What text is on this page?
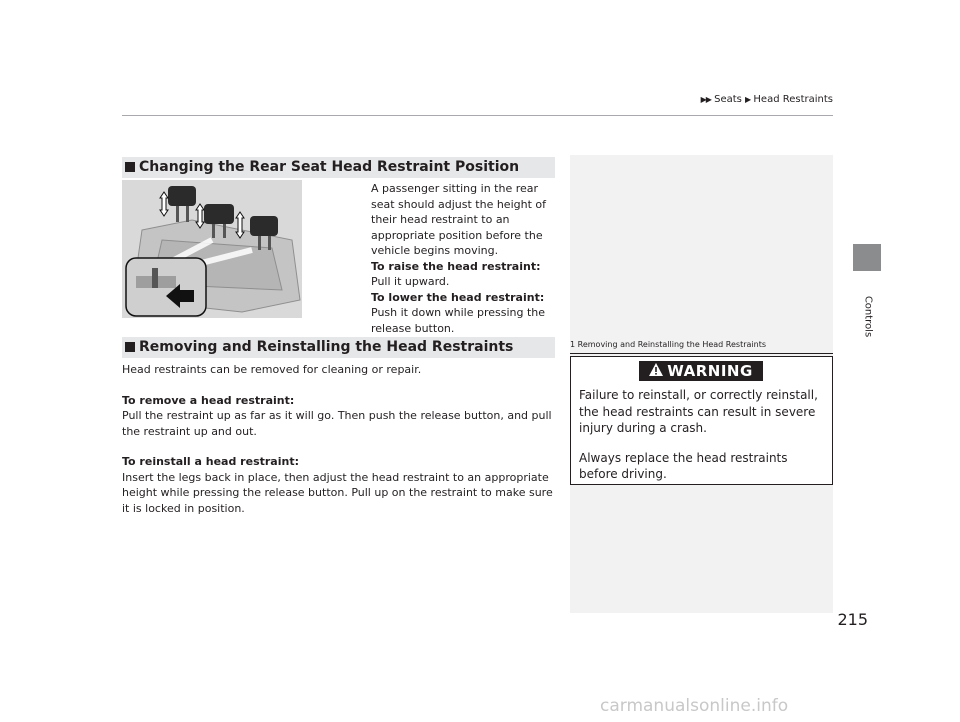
▶▶ Seats ▶ Head Restraints
Controls
Changing the Rear Seat Head Restraint Position
A passenger sitting in the rear seat should adjust the height of their head restraint to an appropriate position before the vehicle begins moving.
To raise the head restraint:
Pull it upward.
To lower the head restraint:
Push it down while pressing the release button.
Removing and Reinstalling the Head Restraints

Head restraints can be removed for cleaning or repair.

To remove a head restraint:

Pull the restraint up as far as it will go. Then push the release button, and pull the restraint up and out.

To reinstall a head restraint:

Insert the legs back in place, then adjust the head restraint to an appropriate height while pressing the release button. Pull up on the restraint to make sure it is locked in position.

1 Removing and Reinstalling the Head Restraints
WARNING

Failure to reinstall, or correctly reinstall, the head restraints can result in severe injury during a crash.

Always replace the head restraints before driving.

215
carmanualsonline.info
